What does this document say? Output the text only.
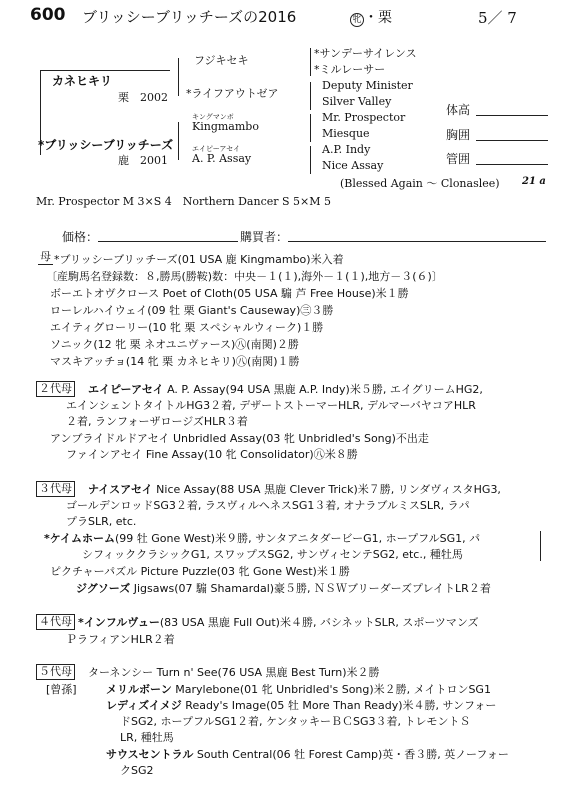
600 ブリッシーブリッチーズの2016	牝 ・栗	5／ 7
カネヒキリ
栗　2002
*ブリッシーブリッチーズ
鹿　2001
フジキセキ
*ライフアウトゼア
キングマンボ
Kingmambo
エイピーアセイ
A. P. Assay
*サンデーサイレンス
*ミルレーサー
Deputy Minister
Silver Valley
Mr. Prospector
Miesque
A.P. Indy
Nice Assay
(Blessed Again ～ Clonaslee) 21 a
体高
胸囲
管囲
Mr. Prospector M 3×S 4　Northern Dancer S 5×M 5
価格：	購買者：
母 *ブリッシーブリッチーズ(01 USA 鹿 Kingmambo)米入着
〔産駒馬名登録数：８,勝馬(勝鞍)数：中央－１(１),海外－１(１),地方－３(６)〕
ボーエトオヴクロース Poet of Cloth(05 USA 騸 芦 Free House)米１勝
ローレルハイウェイ(09 牡 栗 Giant's Causeway)㊂３勝
エイティグローリー(10 牝 栗 スペシャルウィーク)１勝
ソニック(12 牝 栗 ネオユニヴァース)㊇(南関)２勝
マスキアッチョ(14 牝 栗 カネヒキリ)㊇(南関)１勝
２代母 エイピーアセイ A. P. Assay(94 USA 黒鹿 A.P. Indy)米５勝, エイグリームHG2,
エインシェントタイトルHG3２着, デザートストーマーHLR, デルマーバヤコアHLR
２着, ランフォーザロージズHLR３着
アンブライドルドアセイ Unbridled Assay(03 牝 Unbridled's Song)不出走
ファインアセイ Fine Assay(10 牝 Consolidator)㊇米８勝
３代母 ナイスアセイ Nice Assay(88 USA 黒鹿 Clever Trick)米７勝, リンダヴィスタHG3,
ゴールデンロッドSG3２着, ラスヴィルヘネスSG1３着, オナラブルミスSLR, ラパ
プラSLR, etc.
*ケイムホーム(99 牡 Gone West)米９勝, サンタアニタダービーG1, ホープフルSG1, パ
シフィッククラシックG1, スワップスSG2, サンヴィセンテSG2, etc., 種牡馬
ピクチャーパズル Picture Puzzle(03 牝 Gone West)米１勝
ジグソーズ Jigsaws(07 騸 Shamardal)豪５勝, ＮＳＷブリーダーズプレイトLR２着
４代母 *インフルヴュー(83 USA 黒鹿 Full Out)米４勝, バシネットSLR, スポーツマンズ
ＰラフィアンHLR２着
５代母 ターネンシー Turn n' See(76 USA 黒鹿 Best Turn)米２勝
[曾孫]	メリルボーン Marylebone(01 牝 Unbridled's Song)米２勝, メイトロンSG1
レディズイメジ Ready's Image(05 牡 More Than Ready)米４勝, サンフォー
ドSG2, ホープフルSG1２着, ケンタッキーＢＣSG3３着, トレモントＳ
LR, 種牡馬
サウスセントラル South Central(06 牡 Forest Camp)英・香３勝, 英ノーフォー
クSG2
